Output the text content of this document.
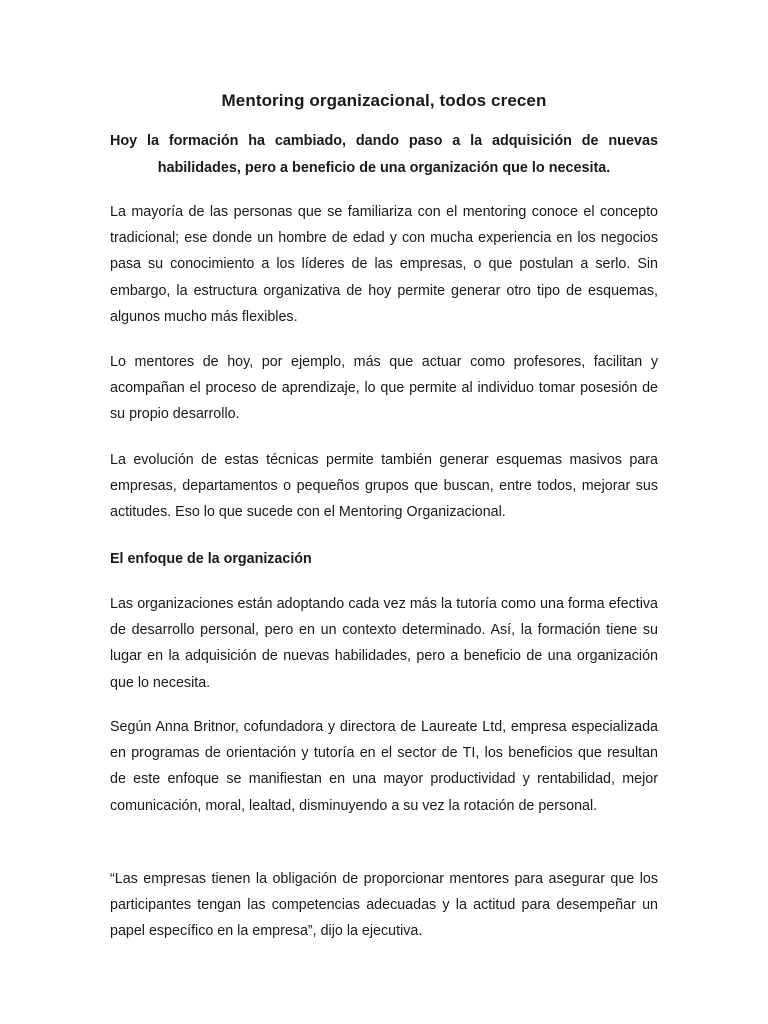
Mentoring organizacional, todos crecen

Hoy la formación ha cambiado, dando paso a la adquisición de nuevas habilidades, pero a beneficio de una organización que lo necesita.

La mayoría de las personas que se familiariza con el mentoring conoce el concepto tradicional; ese donde un hombre de edad y con mucha experiencia en los negocios pasa su conocimiento a los líderes de las empresas, o que postulan a serlo. Sin embargo, la estructura organizativa de hoy permite generar otro tipo de esquemas, algunos mucho más flexibles.

Lo mentores de hoy, por ejemplo, más que actuar como profesores, facilitan y acompañan el proceso de aprendizaje, lo que permite al individuo tomar posesión de su propio desarrollo.

La evolución de estas técnicas permite también generar esquemas masivos para empresas, departamentos o pequeños grupos que buscan, entre todos, mejorar sus actitudes. Eso lo que sucede con el Mentoring Organizacional.

El enfoque de la organización

Las organizaciones están adoptando cada vez más la tutoría como una forma efectiva de desarrollo personal, pero en un contexto determinado. Así, la formación tiene su lugar en la adquisición de nuevas habilidades, pero a beneficio de una organización que lo necesita.

Según Anna Britnor, cofundadora y directora de Laureate Ltd, empresa especializada en programas de orientación y tutoría en el sector de TI, los beneficios que resultan de este enfoque se manifiestan en una mayor productividad y rentabilidad, mejor comunicación, moral, lealtad, disminuyendo a su vez la rotación de personal.

“Las empresas tienen la obligación de proporcionar mentores para asegurar que los participantes tengan las competencias adecuadas y la actitud para desempeñar un papel específico en la empresa”, dijo la ejecutiva.
